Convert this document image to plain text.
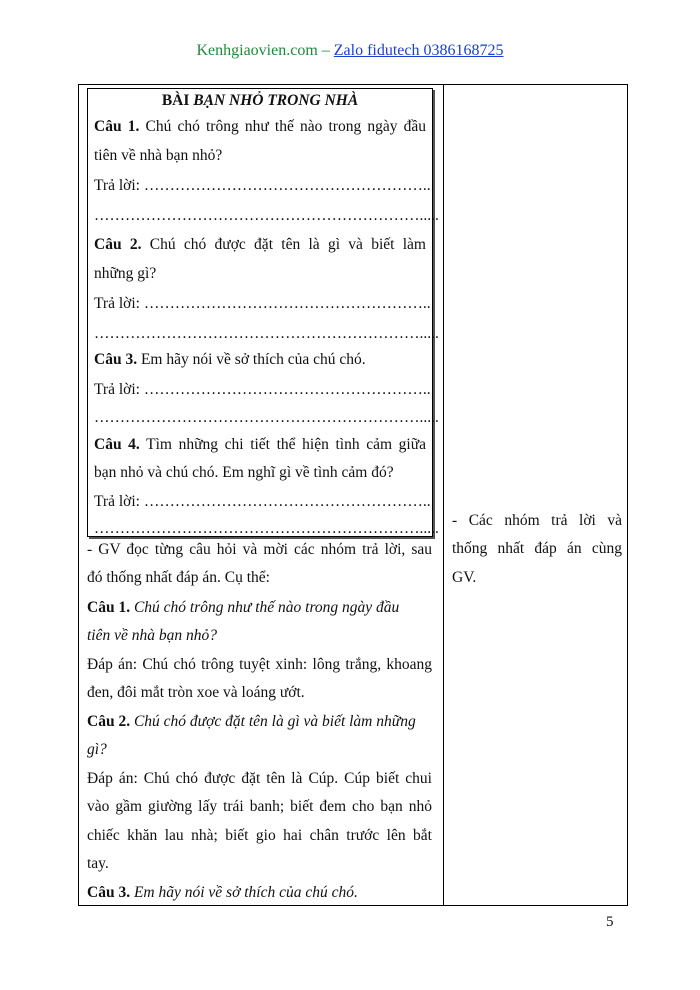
Kenhgiaovien.com – Zalo fidutech 0386168725
BÀI BẠN NHỎ TRONG NHÀ
Câu 1. Chú chó trông như thế nào trong ngày đầu
tiên về nhà bạn nhỏ?
Trả lời: ………………………………………………..
……………………………………………………….....
Câu 2. Chú chó được đặt tên là gì và biết làm
những gì?
Trả lời: ………………………………………………..
……………………………………………………….....
Câu 3. Em hãy nói về sở thích của chú chó.
Trả lời: ………………………………………………..
……………………………………………………….....
Câu 4. Tìm những chi tiết thể hiện tình cảm giữa
bạn nhỏ và chú chó. Em nghĩ gì về tình cảm đó?
Trả lời: ………………………………………………..
……………………………………………………….....
- GV đọc từng câu hỏi và mời các nhóm trả lời, sau
đó thống nhất đáp án. Cụ thể:
Câu 1. Chú chó trông như thế nào trong ngày đầu
tiên về nhà bạn nhỏ?
Đáp án: Chú chó trông tuyệt xinh: lông trắng, khoang
đen, đôi mắt tròn xoe và loáng ướt.
Câu 2. Chú chó được đặt tên là gì và biết làm những
gì?
Đáp án: Chú chó được đặt tên là Cúp. Cúp biết chui
vào gầm giường lấy trái banh; biết đem cho bạn nhỏ
chiếc khăn lau nhà; biết gio hai chân trước lên bắt
tay.
Câu 3. Em hãy nói về sở thích của chú chó.
- Các nhóm trả lời và
thống nhất đáp án cùng
GV.
5
